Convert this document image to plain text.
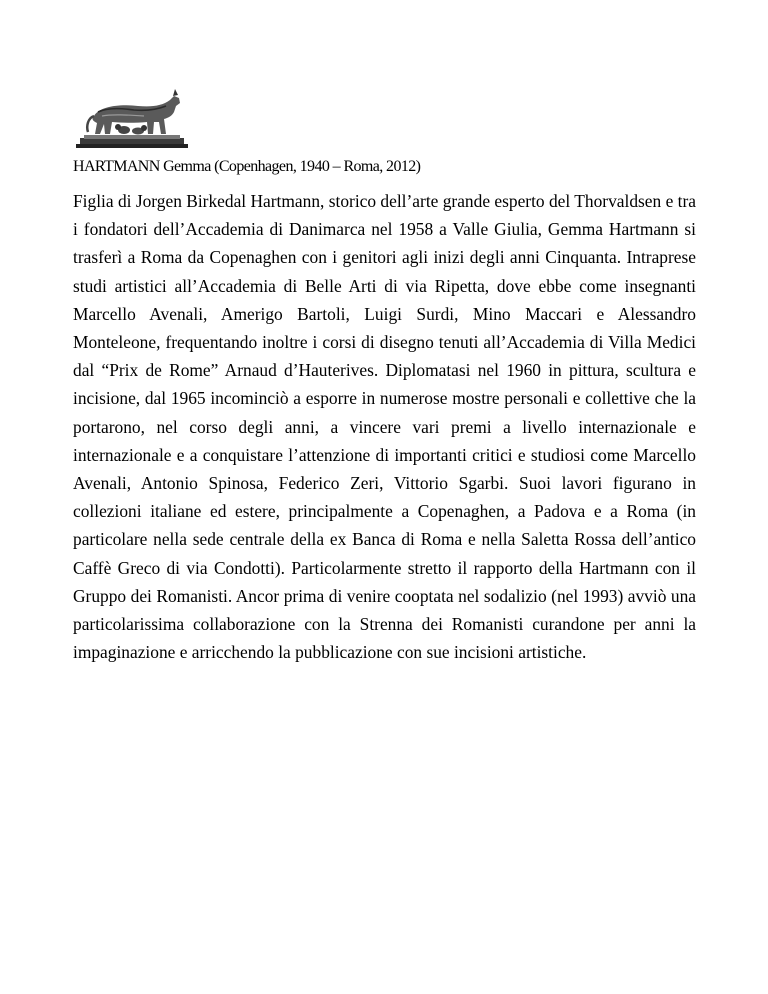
HARTMANN Gemma (Copenhagen, 1940 – Roma, 2012)

Figlia di Jorgen Birkedal Hartmann, storico dell’arte grande esperto del Thorvaldsen e tra i fondatori dell’Accademia di Danimarca nel 1958 a Valle Giulia, Gemma Hartmann si trasferì a Roma da Copenaghen con i genitori agli inizi degli anni Cinquanta. Intraprese studi artistici all’Accademia di Belle Arti di via Ripetta, dove ebbe come insegnanti Marcello Avenali, Amerigo Bartoli, Luigi Surdi, Mino Maccari e Alessandro Monteleone, frequentando inoltre i corsi di disegno tenuti all’Accademia di Villa Medici dal “Prix de Rome” Arnaud d’Hauterives. Diplomatasi nel 1960 in pittura, scultura e incisione, dal 1965 incominciò a esporre in numerose mostre personali e collettive che la portarono, nel corso degli anni, a vincere vari premi a livello internazionale e internazionale e a conquistare l’attenzione di importanti critici e studiosi come Marcello Avenali, Antonio Spinosa, Federico Zeri, Vittorio Sgarbi. Suoi lavori figurano in collezioni italiane ed estere, principalmente a Copenaghen, a Padova e a Roma (in particolare nella sede centrale della ex Banca di Roma e nella Saletta Rossa dell’antico Caffè Greco di via Condotti). Particolarmente stretto il rapporto della Hartmann con il Gruppo dei Romanisti. Ancor prima di venire cooptata nel sodalizio (nel 1993) avviò una particolarissima collaborazione con la Strenna dei Romanisti curandone per anni la impaginazione e arricchendo la pubblicazione con sue incisioni artistiche.
